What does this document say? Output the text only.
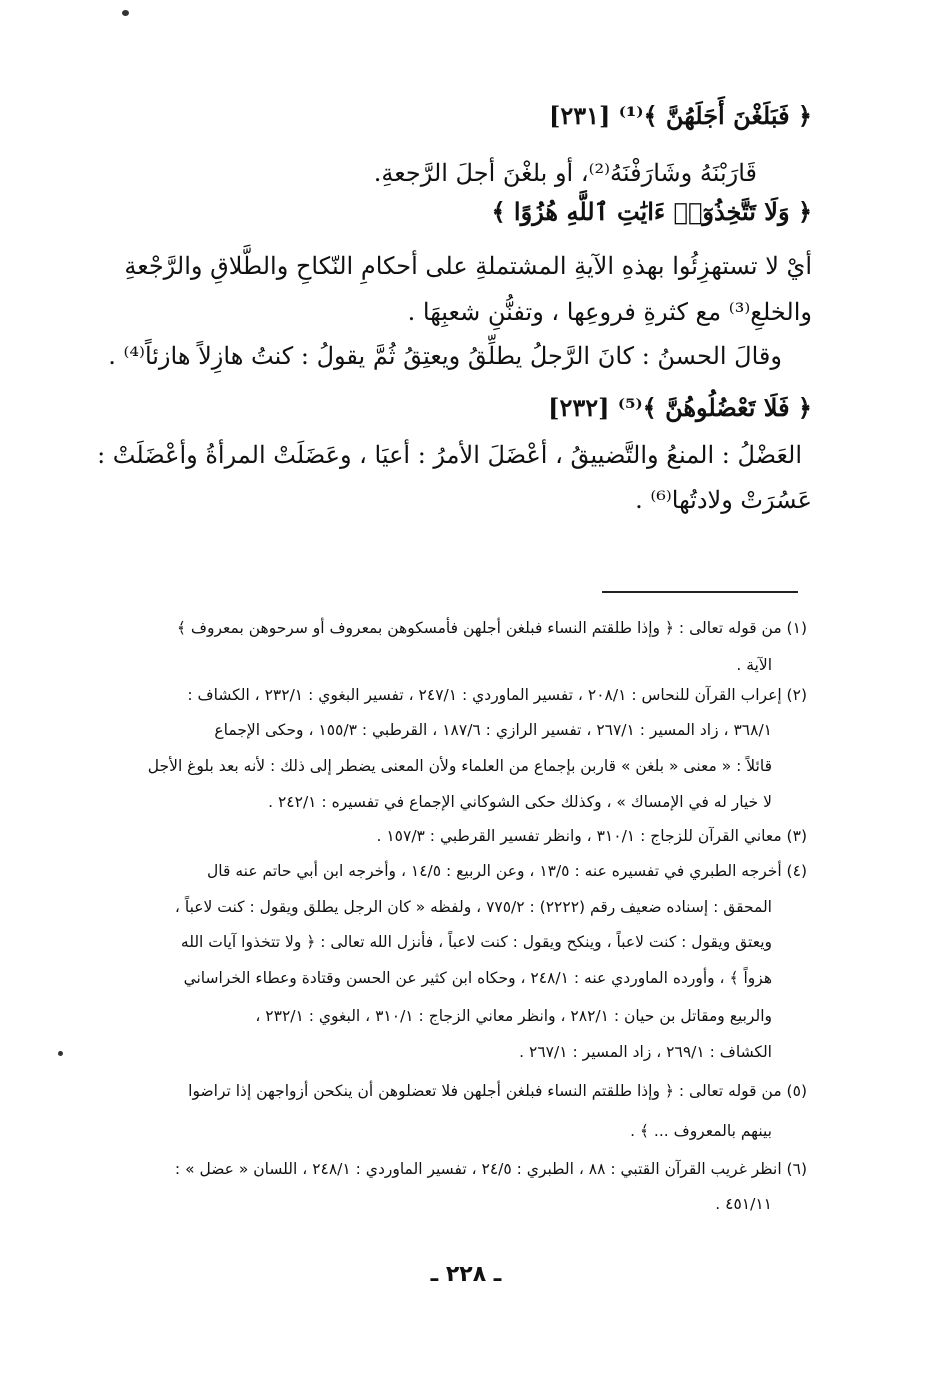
﴿ فَبَلَغْنَ أَجَلَهُنَّ ﴾⁽¹⁾ [٢٣١]
قَارَبْنَهُ وشَارَفْنَهُ⁽²⁾، أو بلغْنَ أجلَ الرَّجعةِ.
﴿ وَلَا تَتَّخِذُوٓا۟ ءَايَٰتِ ٱللَّهِ هُزُوًا ﴾
أيْ لا تستهزِئُوا بهذهِ الآيةِ المشتملةِ على أحكامِ النّكاحِ والطَّلاقِ والرَّجْعةِ
والخلعِ⁽³⁾ مع كثرةِ فروعِها ، وتفنُّنِ شعبِهَا .
وقالَ الحسنُ : كانَ الرَّجلُ يطلِّقُ ويعتِقُ ثُمَّ يقولُ : كنتُ هازِلاً هازئاً⁽⁴⁾ .
﴿ فَلَا تَعْضُلُوهُنَّ ﴾⁽⁵⁾ [٢٣٢]
العَضْلُ : المنعُ والتَّضييقُ ، أعْضَلَ الأمرُ : أعيَا ، وعَضَلَتْ المرأةُ وأعْضَلَتْ :
عَسُرَتْ ولادتُها⁽⁶⁾ .
(١) من قوله تعالى : ﴿ وإذا طلقتم النساء فبلغن أجلهن فأمسكوهن بمعروف أو سرحوهن بمعروف ﴾
الآية .
(٢) إعراب القرآن للنحاس : ٢٠٨/١ ، تفسير الماوردي : ٢٤٧/١ ، تفسير البغوي : ٢٣٢/١ ، الكشاف :
٣٦٨/١ ، زاد المسير : ٢٦٧/١ ، تفسير الرازي : ١٨٧/٦ ، القرطبي : ١٥٥/٣ ، وحكى الإجماع
قائلاً : « معنى « بلغن » قاربن بإجماع من العلماء ولأن المعنى يضطر إلى ذلك : لأنه بعد بلوغ الأجل
لا خيار له في الإمساك » ، وكذلك حكى الشوكاني الإجماع في تفسيره : ٢٤٢/١ .
(٣) معاني القرآن للزجاج : ٣١٠/١ ، وانظر تفسير القرطبي : ١٥٧/٣ .
(٤) أخرجه الطبري في تفسيره عنه : ١٣/٥ ، وعن الربيع : ١٤/٥ ، وأخرجه ابن أبي حاتم عنه قال
المحقق : إسناده ضعيف رقم (٢٢٢٢) : ٧٧٥/٢ ، ولفظه « كان الرجل يطلق ويقول : كنت لاعباً ،
ويعتق ويقول : كنت لاعباً ، وينكح ويقول : كنت لاعباً ، فأنزل الله تعالى : ﴿ ولا تتخذوا آيات الله
هزواً ﴾ ، وأورده الماوردي عنه : ٢٤٨/١ ، وحكاه ابن كثير عن الحسن وقتادة وعطاء الخراساني
والربيع ومقاتل بن حيان : ٢٨٢/١ ، وانظر معاني الزجاج : ٣١٠/١ ، البغوي : ٢٣٢/١ ،
الكشاف : ٢٦٩/١ ، زاد المسير : ٢٦٧/١ .
(٥) من قوله تعالى : ﴿ وإذا طلقتم النساء فبلغن أجلهن فلا تعضلوهن أن ينكحن أزواجهن إذا تراضوا
بينهم بالمعروف ... ﴾ .
(٦) انظر غريب القرآن القتبي : ٨٨ ، الطبري : ٢٤/٥ ، تفسير الماوردي : ٢٤٨/١ ، اللسان « عضل » :
٤٥١/١١ .
ـ ٢٢٨ ـ
